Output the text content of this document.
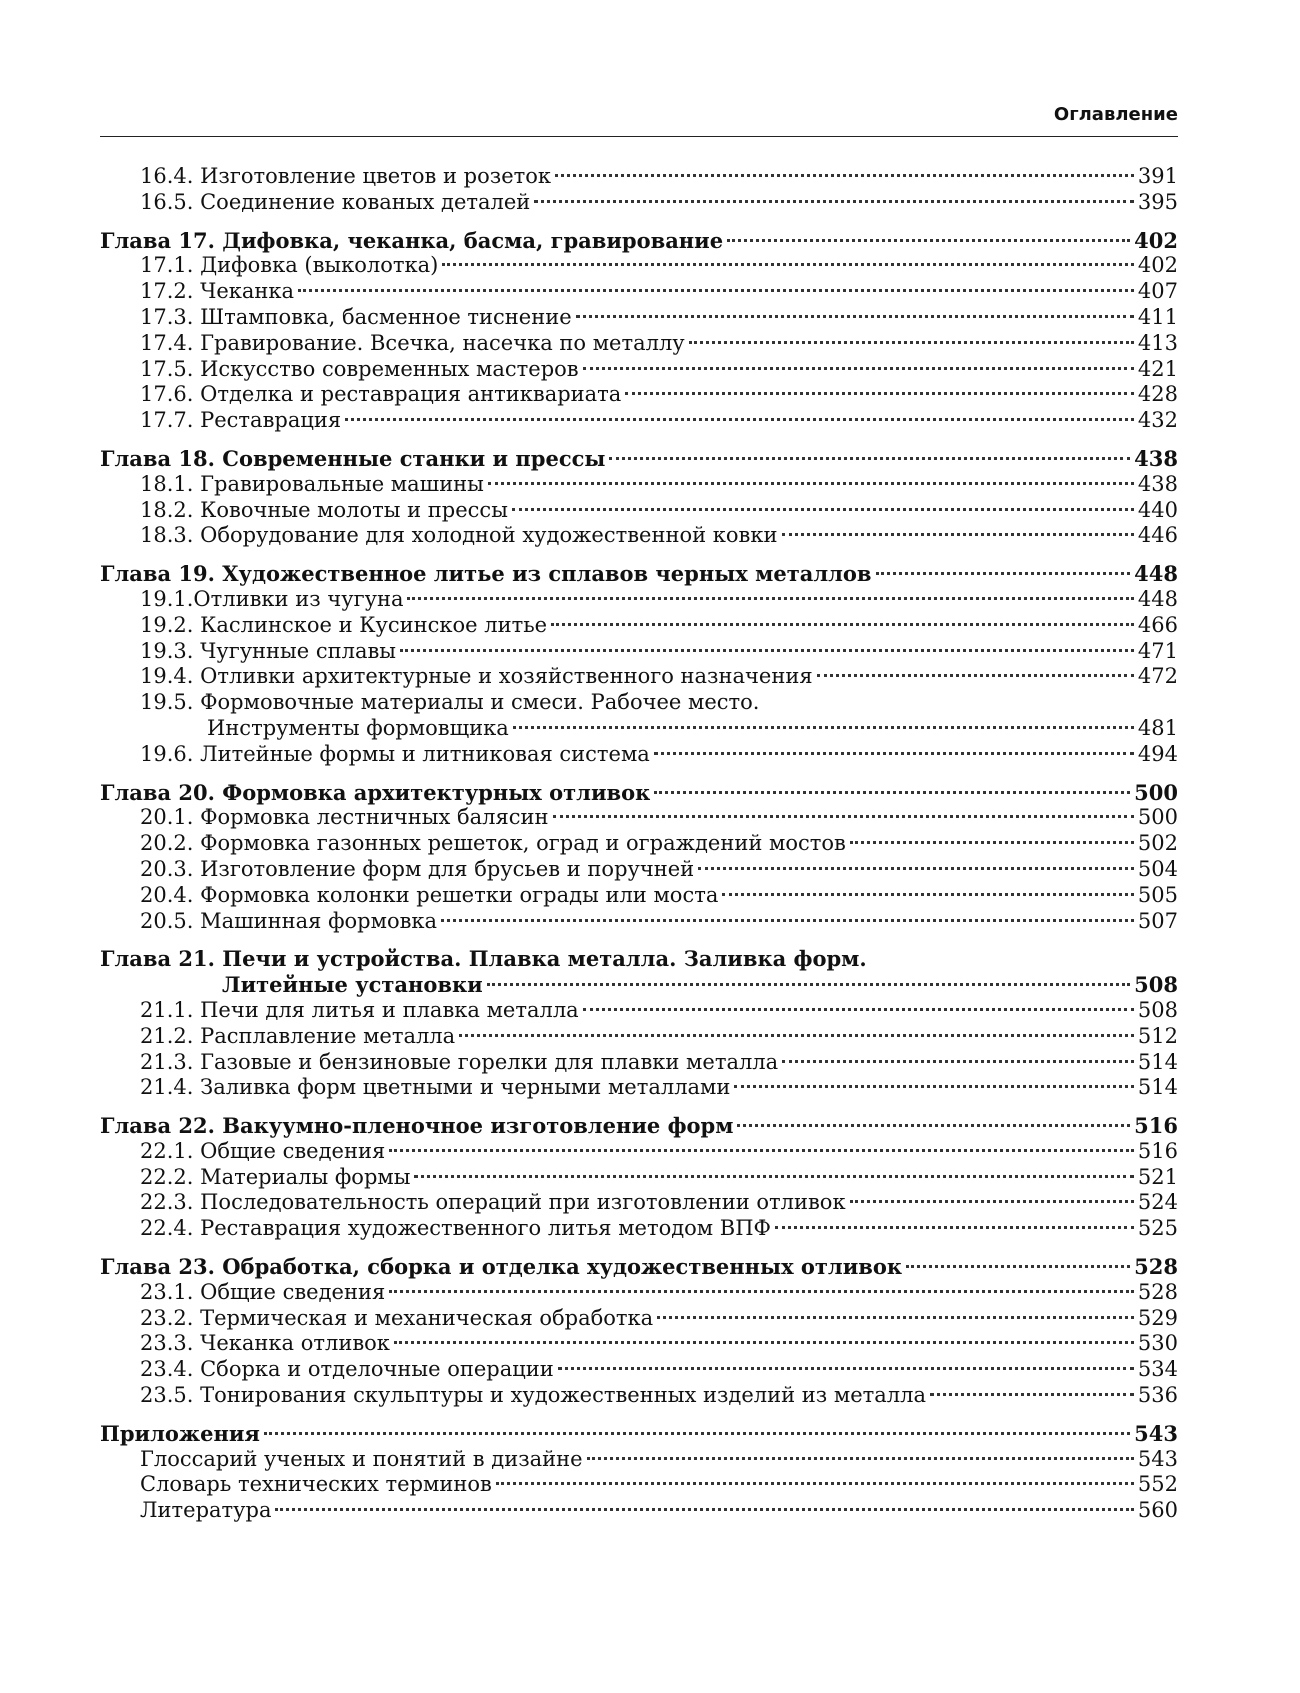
Оглавление
16.4. Изготовление цветов и розеток	391
16.5. Соединение кованых деталей	395
Глава 17. Дифовка, чеканка, басма, гравирование	402
17.1. Дифовка (выколотка)	402
17.2. Чеканка	407
17.3. Штамповка, басменное тиснение	411
17.4. Гравирование. Всечка, насечка по металлу	413
17.5. Искусство современных мастеров	421
17.6. Отделка и реставрация антиквариата	428
17.7. Реставрация	432
Глава 18. Современные станки и прессы	438
18.1. Гравировальные машины	438
18.2. Ковочные молоты и прессы	440
18.3. Оборудование для холодной художественной ковки	446
Глава 19. Художественное литье из сплавов черных металлов	448
19.1.Отливки из чугуна	448
19.2. Каслинское и Кусинское литье	466
19.3. Чугунные сплавы	471
19.4. Отливки архитектурные и хозяйственного назначения	472
19.5. Формовочные материалы и смеси. Рабочее место.
Инструменты формовщика	481
19.6. Литейные формы и литниковая система	494
Глава 20. Формовка архитектурных отливок	500
20.1. Формовка лестничных балясин	500
20.2. Формовка газонных решеток, оград и ограждений мостов	502
20.3. Изготовление форм для брусьев и поручней	504
20.4. Формовка колонки решетки ограды или моста	505
20.5. Машинная формовка	507
Глава 21. Печи и устройства. Плавка металла. Заливка форм.
Литейные установки	508
21.1. Печи для литья и плавка металла	508
21.2. Расплавление металла	512
21.3. Газовые и бензиновые горелки для плавки металла	514
21.4. Заливка форм цветными и черными металлами	514
Глава 22. Вакуумно-пленочное изготовление форм	516
22.1. Общие сведения	516
22.2. Материалы формы	521
22.3. Последовательность операций при изготовлении отливок	524
22.4. Реставрация художественного литья методом ВПФ	525
Глава 23. Обработка, сборка и отделка художественных отливок	528
23.1. Общие сведения	528
23.2. Термическая и механическая обработка	529
23.3. Чеканка отливок	530
23.4. Сборка и отделочные операции	534
23.5. Тонирования скульптуры и художественных изделий из металла	536
Приложения	543
Глоссарий ученых и понятий в дизайне	543
Словарь технических терминов	552
Литература	560
